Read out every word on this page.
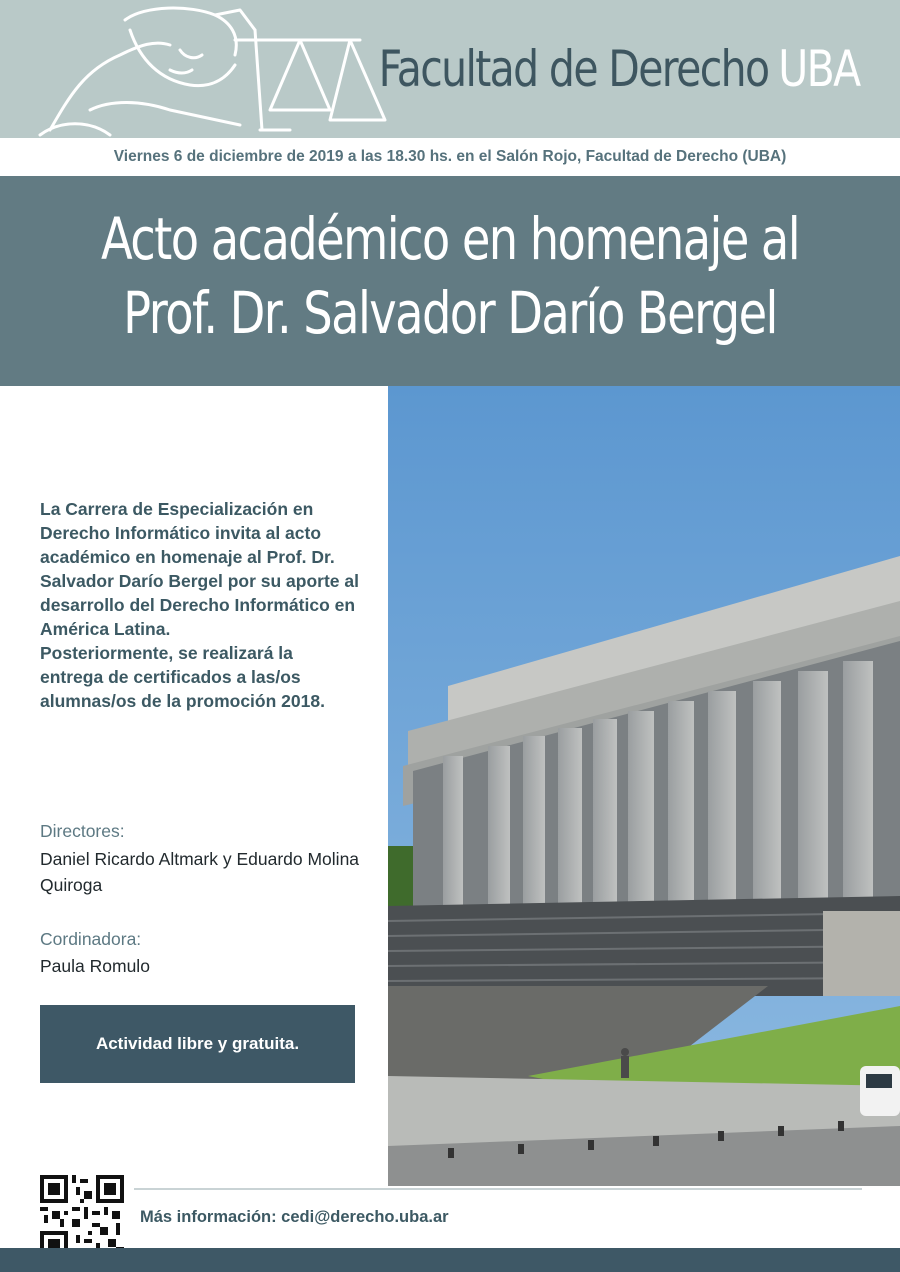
Facultad de Derecho UBA
Viernes 6 de diciembre de 2019 a las 18.30 hs. en el Salón Rojo, Facultad de Derecho (UBA)
Acto académico en homenaje al
Prof. Dr. Salvador Darío Bergel

La Carrera de Especialización en Derecho Informático invita al acto académico en homenaje al Prof. Dr. Salvador Darío Bergel por su aporte al desarrollo del Derecho Informático en América Latina.

Posteriormente, se realizará la entrega de certificados a las/os alumnas/os de la promoción 2018.

Directores:
Daniel Ricardo Altmark y Eduardo Molina Quiroga
Cordinadora:
Paula Romulo
Actividad libre y gratuita.
Más información: cedi@derecho.uba.ar
